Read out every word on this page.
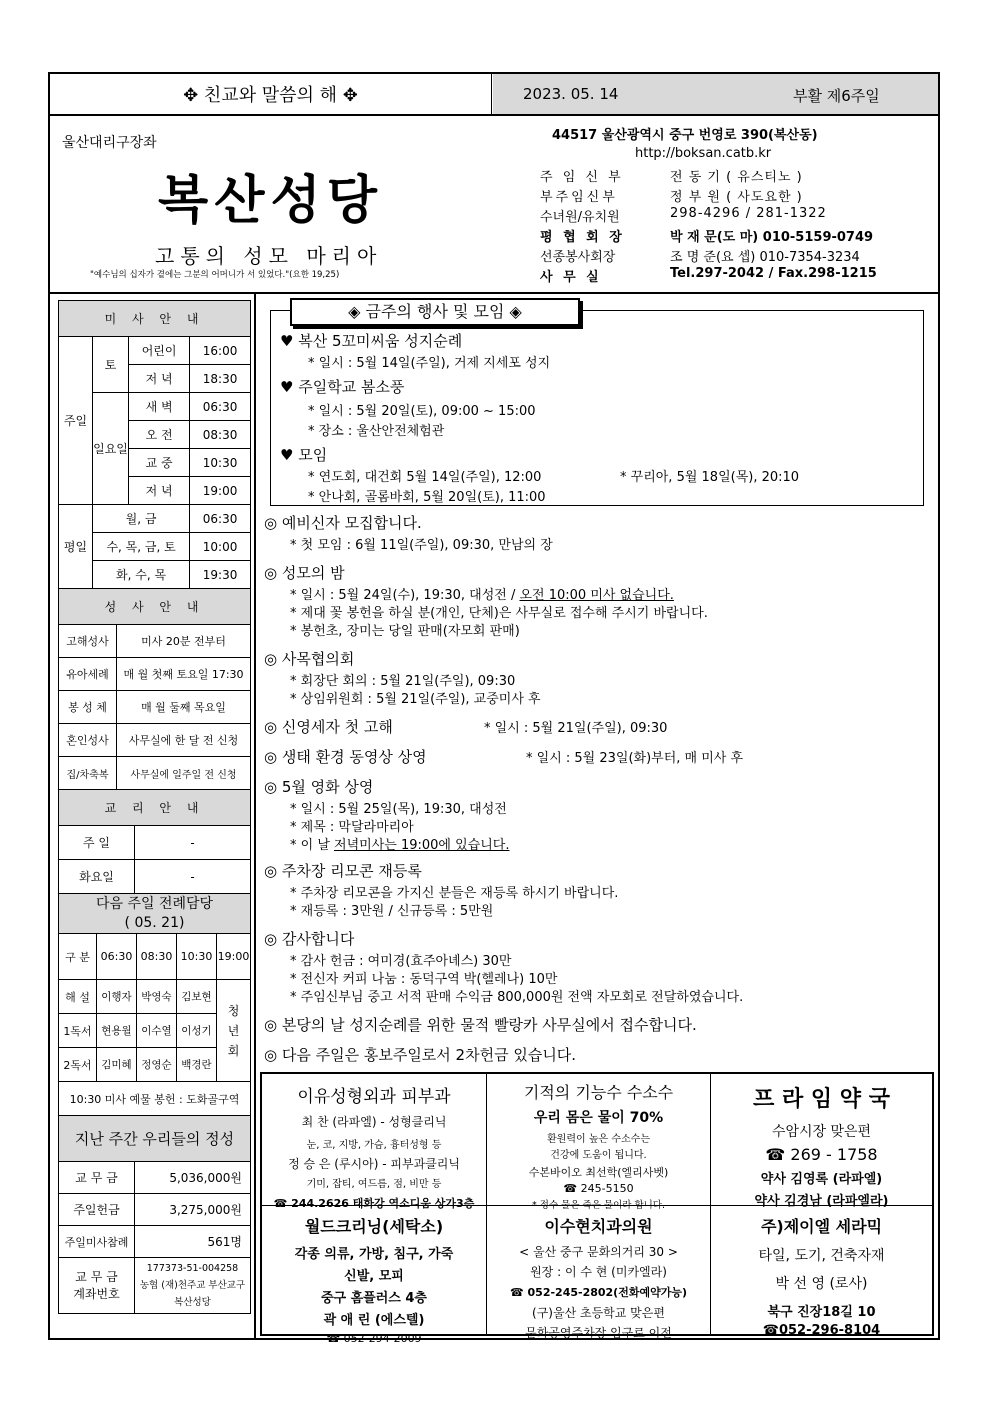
✥ 친교와 말씀의 해 ✥	2023. 05. 14	부활 제6주일
울산대리구장좌
복산성당
고통의 성모 마리아
"예수님의 십자가 곁에는 그분의 어머니가 서 있었다."(요한 19,25)
44517 울산광역시 중구 번영로 390(복산동)
http://boksan.catb.kr
주 임 신 부	전 동 기 ( 유스티노 )
부주임신부	정 부 원 ( 사도요한 )
수녀원/유치원	298-4296 / 281-1322
평 협 회 장	박 재 문(도 마) 010-5159-0749
선종봉사회장	조 명 준(요 셉) 010-7354-3234
사 무 실	Tel.297-2042 / Fax.298-1215
미 사 안 내			
주일	토	어린이	16:00
		저 녁	18:30
	일요일	새 벽	06:30
		오 전	08:30
		교 중	10:30
		저 녁	19:00
평일	월, 금		06:30
	수, 목, 금, 토		10:00
	화, 수, 목		19:30
성 사 안 내	
고해성사	미사 20분 전부터
유아세례	매 월 첫째 토요일 17:30
봉 성 체	매 월 둘째 목요일
혼인성사	사무실에 한 달 전 신청
집/차축복	사무실에 일주일 전 신청
교 리 안 내	
주 일	-
화요일	-
다음 주일 전례담당
( 05. 21)				

구 분	06:30	08:30	10:30	19:00
해 설	이행자	박영숙	김보현	청년회
1독서	현용월	이수열	이성기	
2독서	김미혜	정영순	백경란	
10:30 미사 예물 봉헌 : 도화골구역				
지난 주간 우리들의 정성	
교 무 금	5,036,000원
주일헌금	3,275,000원
주일미사참례	561명
교 무 금 계좌번호	177373-51-004258
농협 (재)천주교 부산교구
복산성당
◈ 금주의 행사 및 모임 ◈
♥ 복산 5꼬미씨움 성지순례
* 일시 : 5월 14일(주일), 거제 지세포 성지
♥ 주일학교 봄소풍
* 일시 : 5월 20일(토), 09:00 ~ 15:00
* 장소 : 울산안전체험관
♥ 모임
* 연도회, 대건회 5월 14일(주일), 12:00	* 꾸리아, 5월 18일(목), 20:10
* 안나회, 골롬바회, 5월 20일(토), 11:00
◎ 예비신자 모집합니다.
* 첫 모임 : 6월 11일(주일), 09:30, 만남의 장
◎ 성모의 밤
* 일시 : 5월 24일(수), 19:30, 대성전 / 오전 10:00 미사 없습니다.
* 제대 꽃 봉헌을 하실 분(개인, 단체)은 사무실로 접수해 주시기 바랍니다.
* 봉헌초, 장미는 당일 판매(자모회 판매)
◎ 사목협의회
* 회장단 회의 : 5월 21일(주일), 09:30
* 상임위원회 : 5월 21일(주일), 교중미사 후
◎ 신영세자 첫 고해	* 일시 : 5월 21일(주일), 09:30
◎ 생태 환경 동영상 상영	* 일시 : 5월 23일(화)부터, 매 미사 후
◎ 5월 영화 상영
* 일시 : 5월 25일(목), 19:30, 대성전
* 제목 : 막달라마리아
* 이 날 저녁미사는 19:00에 있습니다.
◎ 주차장 리모콘 재등록
* 주차장 리모콘을 가지신 분들은 재등록 하시기 바랍니다.
* 재등록 : 3만원 / 신규등록 : 5만원
◎ 감사합니다
* 감사 헌금 : 여미경(효주아녜스) 30만
* 전신자 커피 나눔 : 동덕구역 박(헬레나) 10만
* 주임신부님 중고 서적 판매 수익금 800,000원 전액 자모회로 전달하였습니다.
◎ 본당의 날 성지순례를 위한 물적 빨랑카 사무실에서 접수합니다.
◎ 다음 주일은 홍보주일로서 2차헌금 있습니다.
이유성형외과 피부과
최 찬 (라파엘) - 성형클리닉
눈, 코, 지방, 가슴, 흉터성형 등
정 승 은 (루시아) - 피부과클리닉
기미, 잡티, 여드름, 점, 비만 등
☎ 244.2626 태화강 역소디움 상가3층
기적의 기능수 수소수
우리 몸은 물이 70%
환원력이 높은 수소수는
건강에 도움이 됩니다.
수본바이오 최선학(엘리사벳)
☎ 245-5150
* 정수 물은 죽은 물이라 합니다.
프 라 임 약 국
수암시장 맞은편
☎ 269 - 1758
약사 김영록 (라파엘)
약사 김경남 (라파엘라)
월드크리닝(세탁소)
각종 의류, 가방, 침구, 가죽
신발, 모피
중구 홈플러스 4층
곽 애 린 (에스텔)
☎ 052-294-2009
이수현치과의원
< 울산 중구 문화의거리 30 >
원장 : 이 수 현 (미카엘라)
☎ 052-245-2802(전화예약가능)
(구)울산 초등학교 맞은편
문화공영주차장 입구로 이전
주)제이엘 세라믹
타일, 도기, 건축자재
박 선 영 (로사)
북구 진장18길 10
☎052-296-8104
